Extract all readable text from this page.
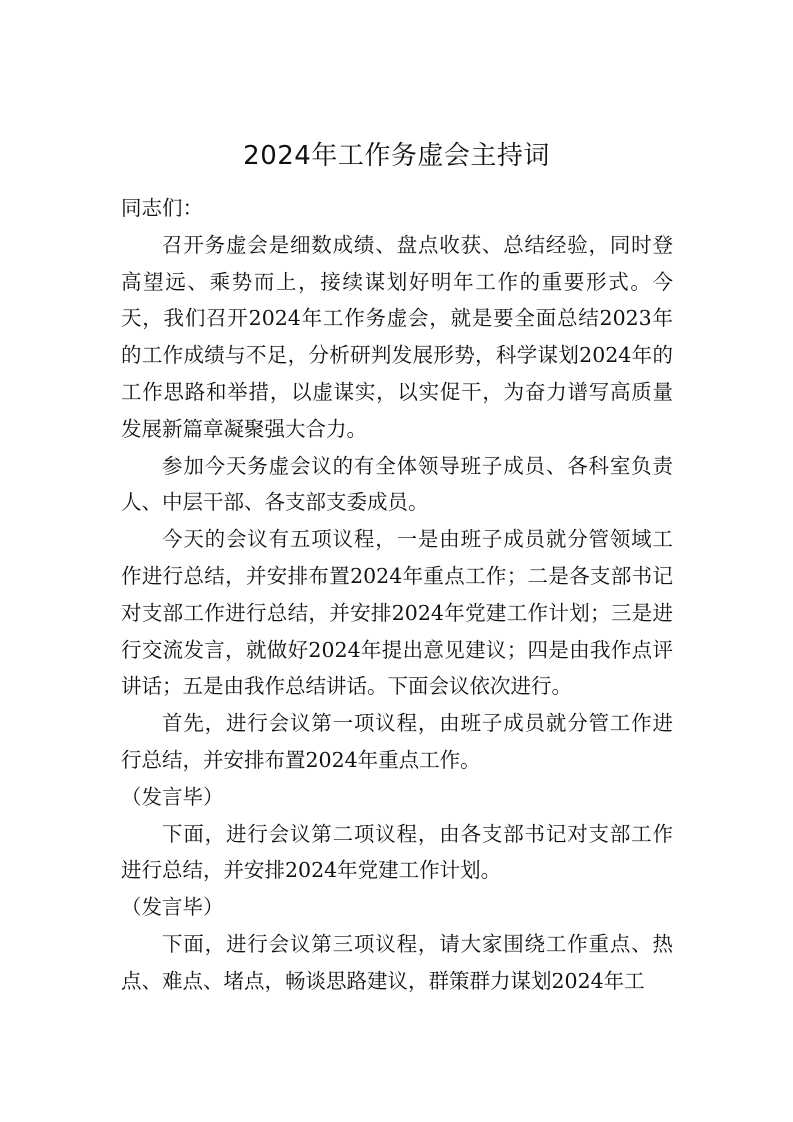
2024年工作务虚会主持词

同志们：

召开务虚会是细数成绩、盘点收获、总结经验，同时登高望远、乘势而上，接续谋划好明年工作的重要形式。今天，我们召开2024年工作务虚会，就是要全面总结2023年的工作成绩与不足，分析研判发展形势，科学谋划2024年的工作思路和举措，以虚谋实，以实促干，为奋力谱写高质量发展新篇章凝聚强大合力。

参加今天务虚会议的有全体领导班子成员、各科室负责人、中层干部、各支部支委成员。

今天的会议有五项议程，一是由班子成员就分管领域工作进行总结，并安排布置2024年重点工作；二是各支部书记对支部工作进行总结，并安排2024年党建工作计划；三是进行交流发言，就做好2024年提出意见建议；四是由我作点评讲话；五是由我作总结讲话。下面会议依次进行。

首先，进行会议第一项议程，由班子成员就分管工作进行总结，并安排布置2024年重点工作。

（发言毕）

下面，进行会议第二项议程，由各支部书记对支部工作进行总结，并安排2024年党建工作计划。

（发言毕）

下面，进行会议第三项议程，请大家围绕工作重点、热点、难点、堵点，畅谈思路建议，群策群力谋划2024年工
